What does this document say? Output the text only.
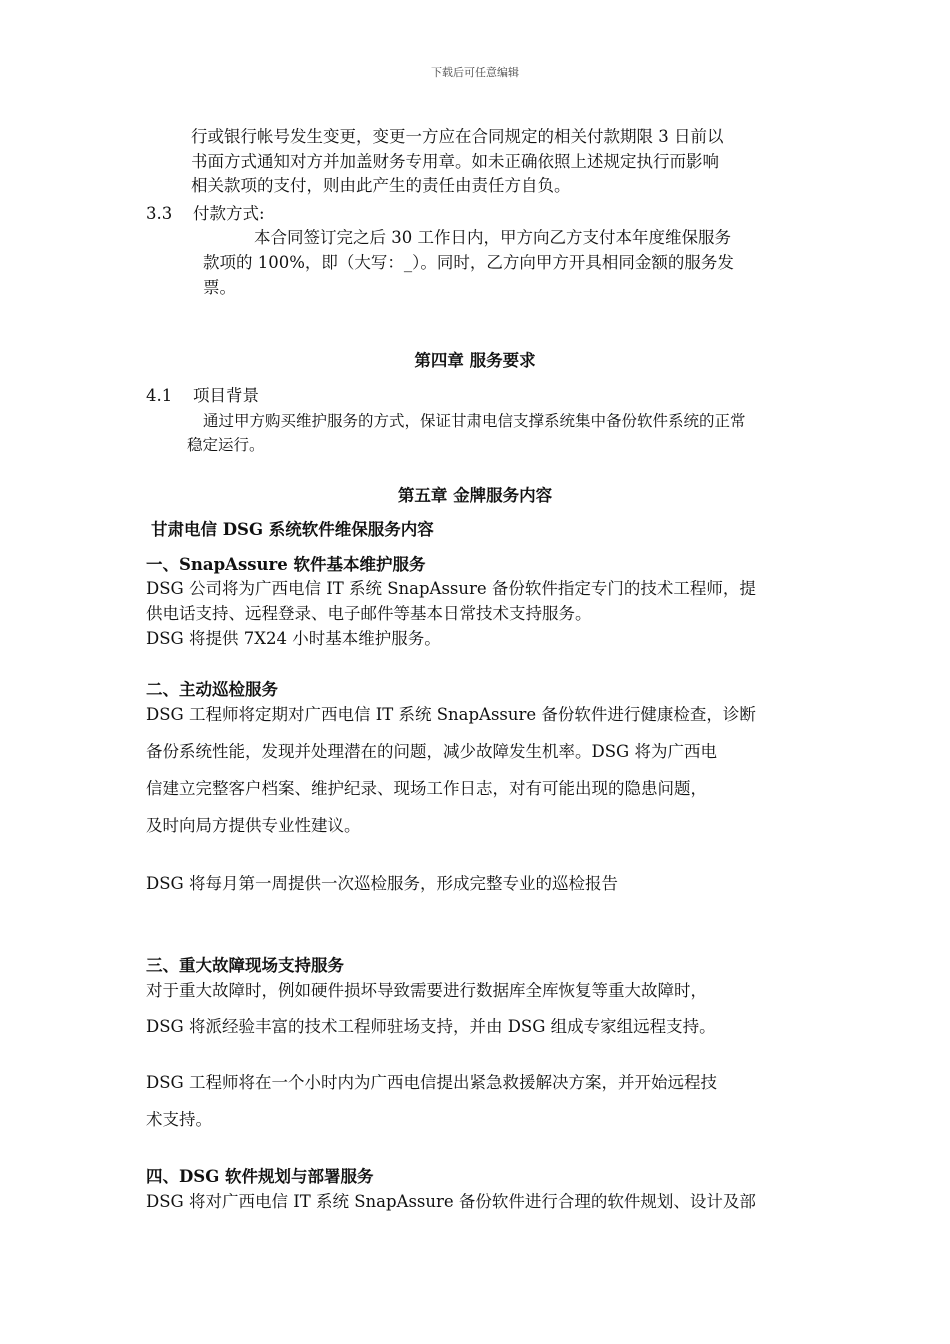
下载后可任意编辑
行或银行帐号发生变更，变更一方应在合同规定的相关付款期限 3 日前以
书面方式通知对方并加盖财务专用章。如未正确依照上述规定执行而影响
相关款项的支付，则由此产生的责任由责任方自负。
3.3 付款方式:
本合同签订完之后 30 工作日内，甲方向乙方支付本年度维保服务
款项的 100%，即（大写：_）。同时，乙方向甲方开具相同金额的服务发
票。
第四章 服务要求
4.1 项目背景
通过甲方购买维护服务的方式，保证甘肃电信支撑系统集中备份软件系统的正常
稳定运行。
第五章 金牌服务内容
甘肃电信 DSG 系统软件维保服务内容
一、SnapAssure 软件基本维护服务
DSG 公司将为广西电信 IT 系统 SnapAssure 备份软件指定专门的技术工程师，提
供电话支持、远程登录、电子邮件等基本日常技术支持服务。
DSG 将提供 7X24 小时基本维护服务。
二、主动巡检服务
DSG 工程师将定期对广西电信 IT 系统 SnapAssure 备份软件进行健康检查，诊断
备份系统性能，发现并处理潜在的问题，减少故障发生机率。DSG 将为广西电
信建立完整客户档案、维护纪录、现场工作日志，对有可能出现的隐患问题，
及时向局方提供专业性建议。
DSG 将每月第一周提供一次巡检服务，形成完整专业的巡检报告
三、重大故障现场支持服务
对于重大故障时，例如硬件损坏导致需要进行数据库全库恢复等重大故障时，
DSG 将派经验丰富的技术工程师驻场支持，并由 DSG 组成专家组远程支持。
DSG 工程师将在一个小时内为广西电信提出紧急救援解决方案，并开始远程技
术支持。
四、DSG 软件规划与部署服务
DSG 将对广西电信 IT 系统 SnapAssure 备份软件进行合理的软件规划、设计及部
